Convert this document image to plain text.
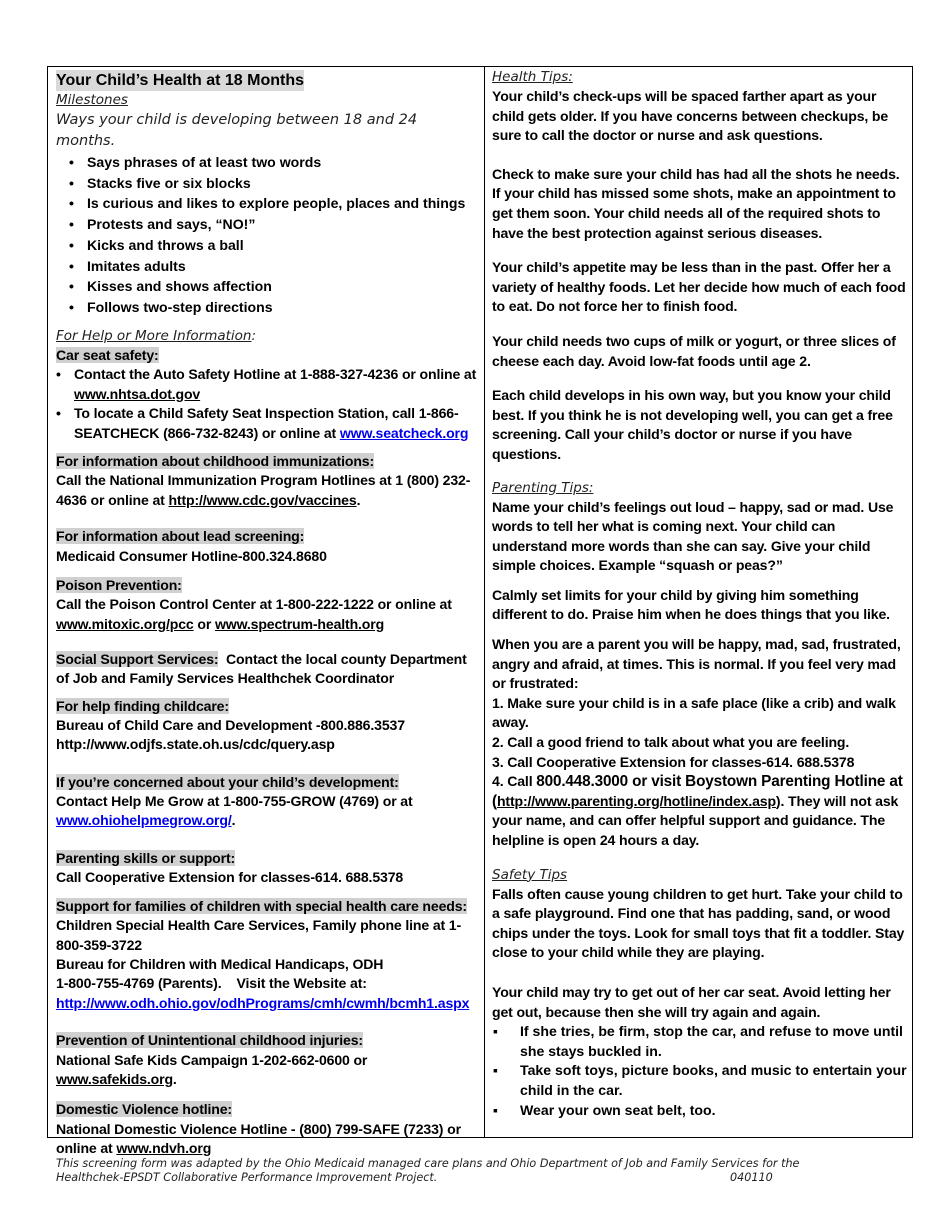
Your Child’s Health at 18 Months
Milestones
Ways your child is developing between 18 and 24 months.
• Says phrases of at least two words
• Stacks five or six blocks
• Is curious and likes to explore people, places and things
• Protests and says, “NO!”
• Kicks and throws a ball
• Imitates adults
• Kisses and shows affection
• Follows two-step directions
For Help or More Information:
Car seat safety:
• Contact the Auto Safety Hotline at 1-888-327-4236 or online at www.nhtsa.dot.gov
• To locate a Child Safety Seat Inspection Station, call 1-866-SEATCHECK (866-732-8243) or online at www.seatcheck.org
For information about childhood immunizations:
Call the National Immunization Program Hotlines at 1 (800) 232-4636 or online at http://www.cdc.gov/vaccines.
For information about lead screening:
Medicaid Consumer Hotline-800.324.8680
Poison Prevention:
Call the Poison Control Center at 1-800-222-1222 or online at www.mitoxic.org/pcc or www.spectrum-health.org
Social Support Services: Contact the local county Department of Job and Family Services Healthchek Coordinator
For help finding childcare:
Bureau of Child Care and Development -800.886.3537
http://www.odjfs.state.oh.us/cdc/query.asp
If you’re concerned about your child’s development:
Contact Help Me Grow at 1-800-755-GROW (4769) or at
www.ohiohelpmegrow.org/.
Parenting skills or support:
Call Cooperative Extension for classes-614. 688.5378
Support for families of children with special health care needs:
Children Special Health Care Services, Family phone line at 1-800-359-3722
Bureau for Children with Medical Handicaps, ODH
1-800-755-4769 (Parents).    Visit the Website at:
http://www.odh.ohio.gov/odhPrograms/cmh/cwmh/bcmh1.aspx
Prevention of Unintentional childhood injuries:
National Safe Kids Campaign 1-202-662-0600 or
www.safekids.org.
Domestic Violence hotline:
National Domestic Violence Hotline - (800) 799-SAFE (7233) or online at www.ndvh.org
Health Tips:

Your child’s check-ups will be spaced farther apart as your child gets older. If you have concerns between checkups, be sure to call the doctor or nurse and ask questions.

Check to make sure your child has had all the shots he needs. If your child has missed some shots, make an appointment to get them soon. Your child needs all of the required shots to have the best protection against serious diseases.

Your child’s appetite may be less than in the past. Offer her a variety of healthy foods. Let her decide how much of each food to eat. Do not force her to finish food.

Your child needs two cups of milk or yogurt, or three slices of cheese each day. Avoid low-fat foods until age 2.

Each child develops in his own way, but you know your child best. If you think he is not developing well, you can get a free screening. Call your child’s doctor or nurse if you have questions.

Parenting Tips:

Name your child’s feelings out loud – happy, sad or mad. Use words to tell her what is coming next. Your child can understand more words than she can say. Give your child simple choices. Example “squash or peas?”

Calmly set limits for your child by giving him something different to do. Praise him when he does things that you like.

When you are a parent you will be happy, mad, sad, frustrated, angry and afraid, at times. This is normal. If you feel very mad or frustrated:

1. Make sure your child is in a safe place (like a crib) and walk away.
2. Call a good friend to talk about what you are feeling.
3. Call Cooperative Extension for classes-614. 688.5378
4. Call 800.448.3000 or visit Boystown Parenting Hotline at (http://www.parenting.org/hotline/index.asp). They will not ask your name, and can offer helpful support and guidance. The helpline is open 24 hours a day.
Safety Tips

Falls often cause young children to get hurt. Take your child to a safe playground. Find one that has padding, sand, or wood chips under the toys. Look for small toys that fit a toddler. Stay close to your child while they are playing.

Your child may try to get out of her car seat. Avoid letting her get out, because then she will try again and again.

▪ If she tries, be firm, stop the car, and refuse to move until she stays buckled in.
▪ Take soft toys, picture books, and music to entertain your child in the car.
▪ Wear your own seat belt, too.
This screening form was adapted by the Ohio Medicaid managed care plans and Ohio Department of Job and Family Services for the
Healthchek-EPSDT Collaborative Performance Improvement Project.	040110
